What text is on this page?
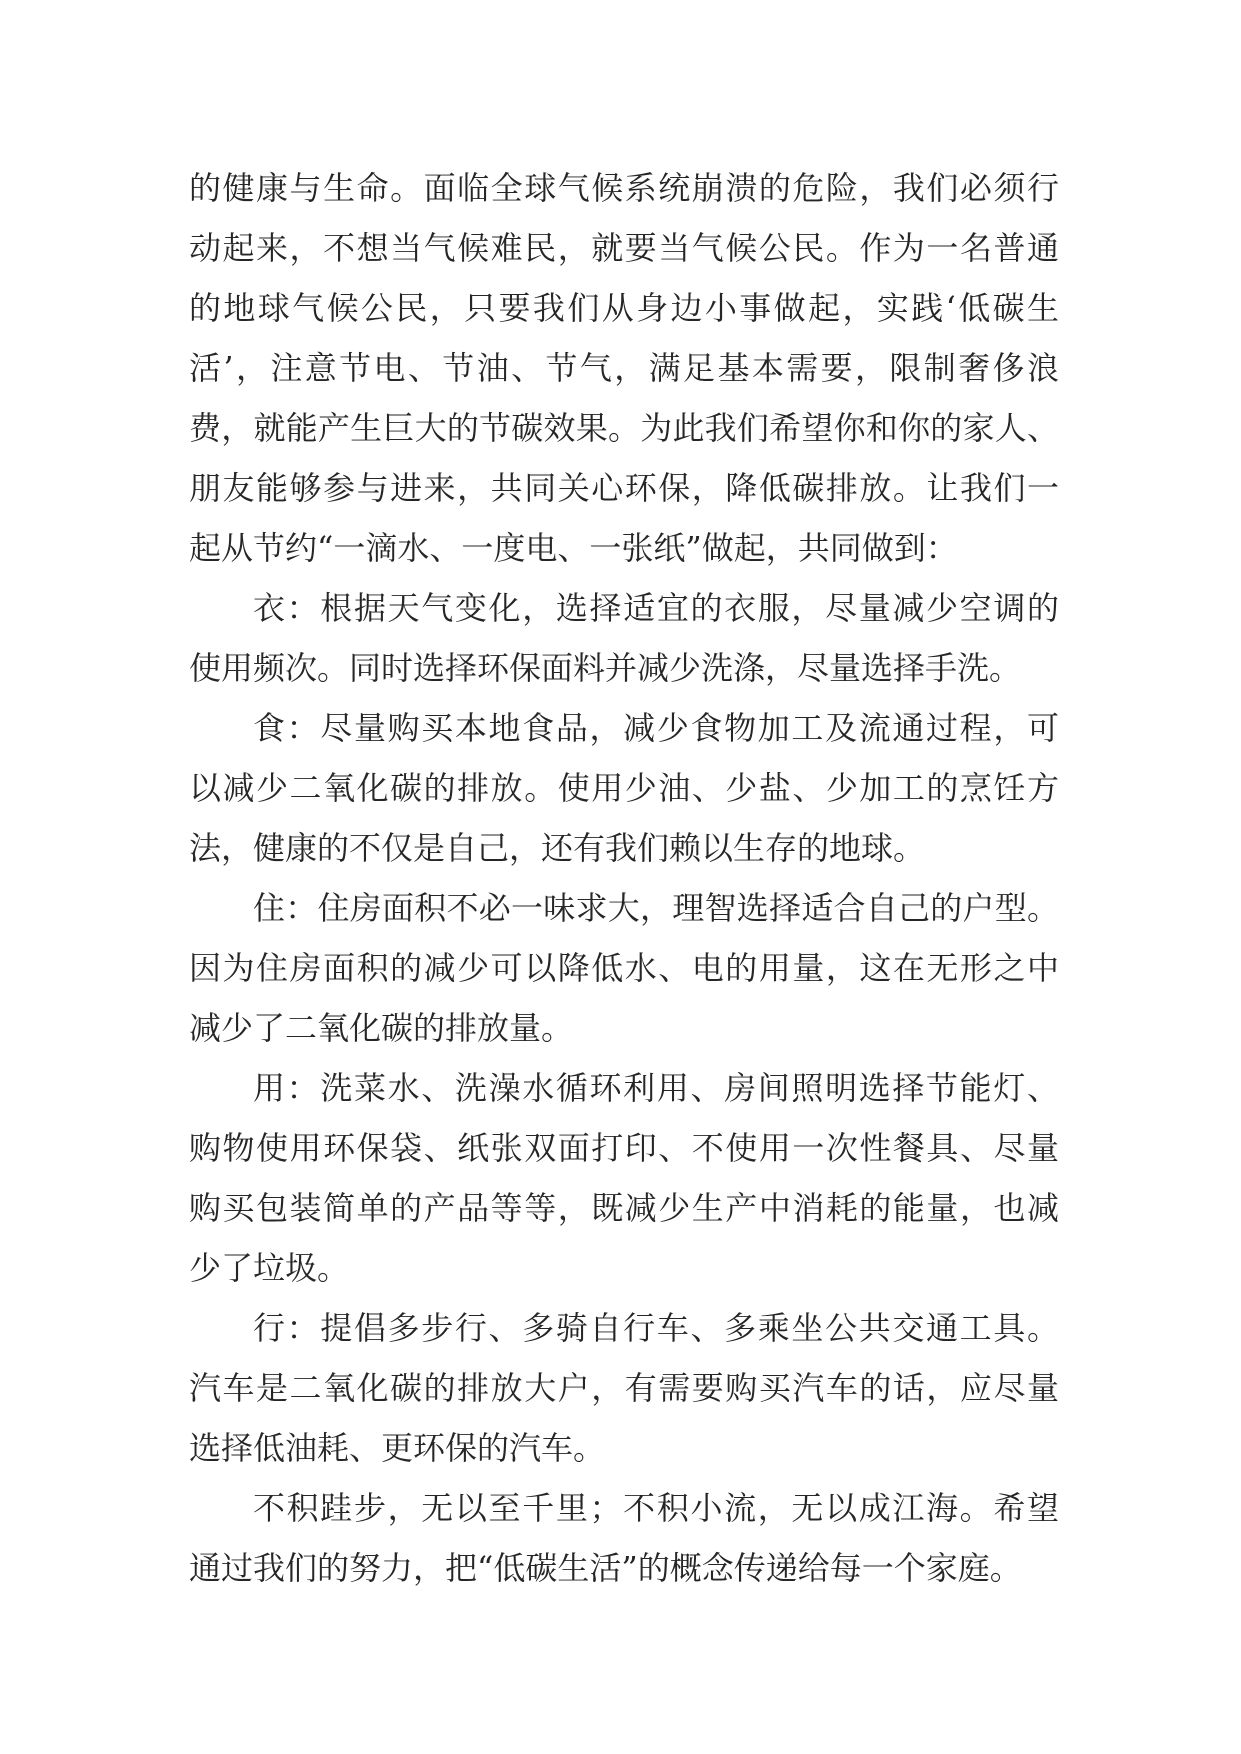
的健康与生命。面临全球气候系统崩溃的危险，我们必须行
动起来，不想当气候难民，就要当气候公民。作为一名普通
的地球气候公民，只要我们从身边小事做起，实践‘低碳生
活’，注意节电、节油、节气，满足基本需要，限制奢侈浪
费，就能产生巨大的节碳效果。为此我们希望你和你的家人、
朋友能够参与进来，共同关心环保，降低碳排放。让我们一
起从节约“一滴水、一度电、一张纸”做起，共同做到：
衣：根据天气变化，选择适宜的衣服，尽量减少空调的
使用频次。同时选择环保面料并减少洗涤，尽量选择手洗。
食：尽量购买本地食品，减少食物加工及流通过程，可
以减少二氧化碳的排放。使用少油、少盐、少加工的烹饪方
法，健康的不仅是自己，还有我们赖以生存的地球。
住：住房面积不必一味求大，理智选择适合自己的户型。
因为住房面积的减少可以降低水、电的用量，这在无形之中
减少了二氧化碳的排放量。
用：洗菜水、洗澡水循环利用、房间照明选择节能灯、
购物使用环保袋、纸张双面打印、不使用一次性餐具、尽量
购买包装简单的产品等等，既减少生产中消耗的能量，也减
少了垃圾。
行：提倡多步行、多骑自行车、多乘坐公共交通工具。
汽车是二氧化碳的排放大户，有需要购买汽车的话，应尽量
选择低油耗、更环保的汽车。
不积跬步，无以至千里；不积小流，无以成江海。希望
通过我们的努力，把“低碳生活”的概念传递给每一个家庭。
